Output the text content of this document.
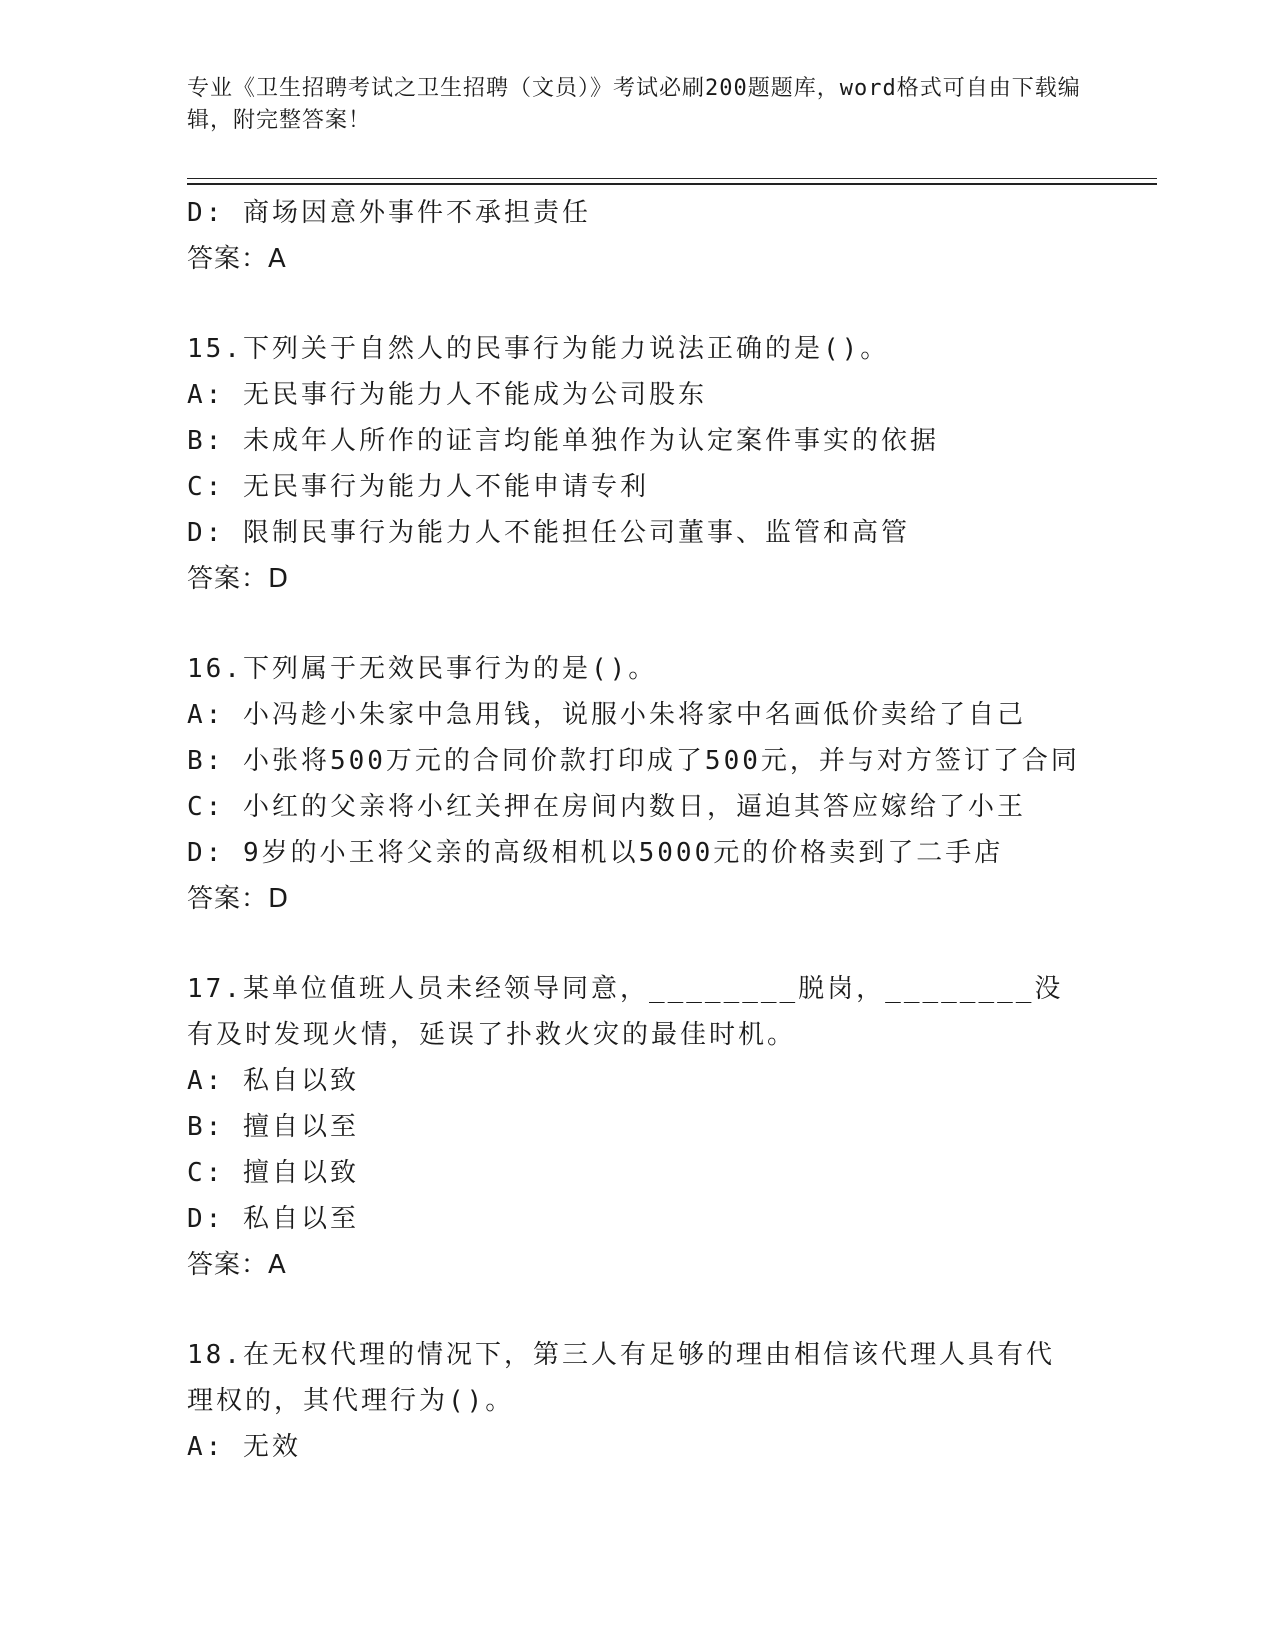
专业《卫生招聘考试之卫生招聘（文员）》考试必刷200题题库，word格式可自由下载编辑，附完整答案！
D: 商场因意外事件不承担责任
答案：A
15.下列关于自然人的民事行为能力说法正确的是()。
A: 无民事行为能力人不能成为公司股东
B: 未成年人所作的证言均能单独作为认定案件事实的依据
C: 无民事行为能力人不能申请专利
D: 限制民事行为能力人不能担任公司董事、监管和高管
答案：D
16.下列属于无效民事行为的是()。
A: 小冯趁小朱家中急用钱，说服小朱将家中名画低价卖给了自己
B: 小张将500万元的合同价款打印成了500元，并与对方签订了合同
C: 小红的父亲将小红关押在房间内数日，逼迫其答应嫁给了小王
D: 9岁的小王将父亲的高级相机以5000元的价格卖到了二手店
答案：D
17.某单位值班人员未经领导同意，________脱岗，________没有及时发现火情，延误了扑救火灾的最佳时机。
A: 私自以致
B: 擅自以至
C: 擅自以致
D: 私自以至
答案：A
18.在无权代理的情况下，第三人有足够的理由相信该代理人具有代理权的，其代理行为()。
A: 无效
